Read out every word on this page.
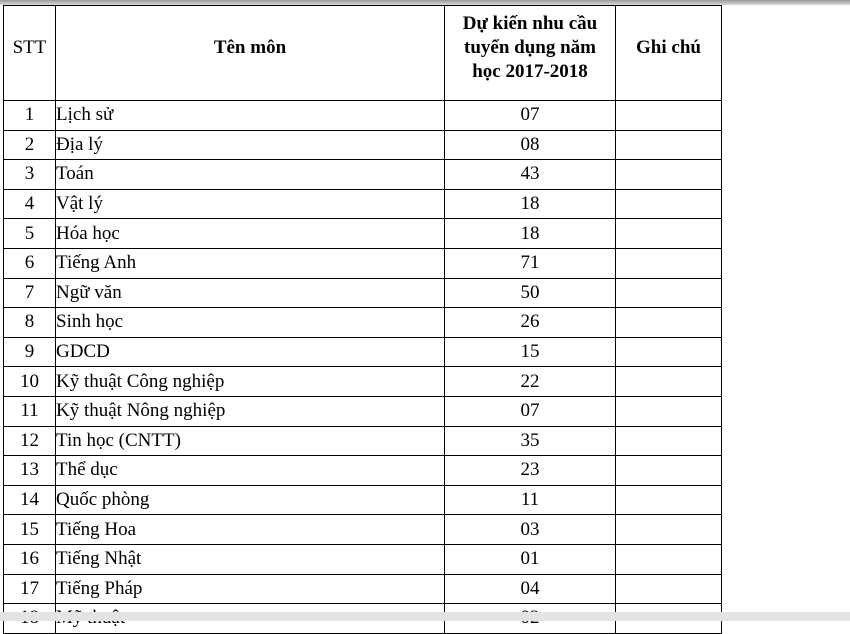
STT	Tên môn	Dự kiến nhu cầu
tuyển dụng năm
học 2017-2018	Ghi chú
1	Lịch sử	07	
2	Địa lý	08	
3	Toán	43	
4	Vật lý	18	
5	Hóa học	18	
6	Tiếng Anh	71	
7	Ngữ văn	50	
8	Sinh học	26	
9	GDCD	15	
10	Kỹ thuật Công nghiệp	22	
11	Kỹ thuật Nông nghiệp	07	
12	Tin học (CNTT)	35	
13	Thể dục	23	
14	Quốc phòng	11	
15	Tiếng Hoa	03	
16	Tiếng Nhật	01	
17	Tiếng Pháp	04	
